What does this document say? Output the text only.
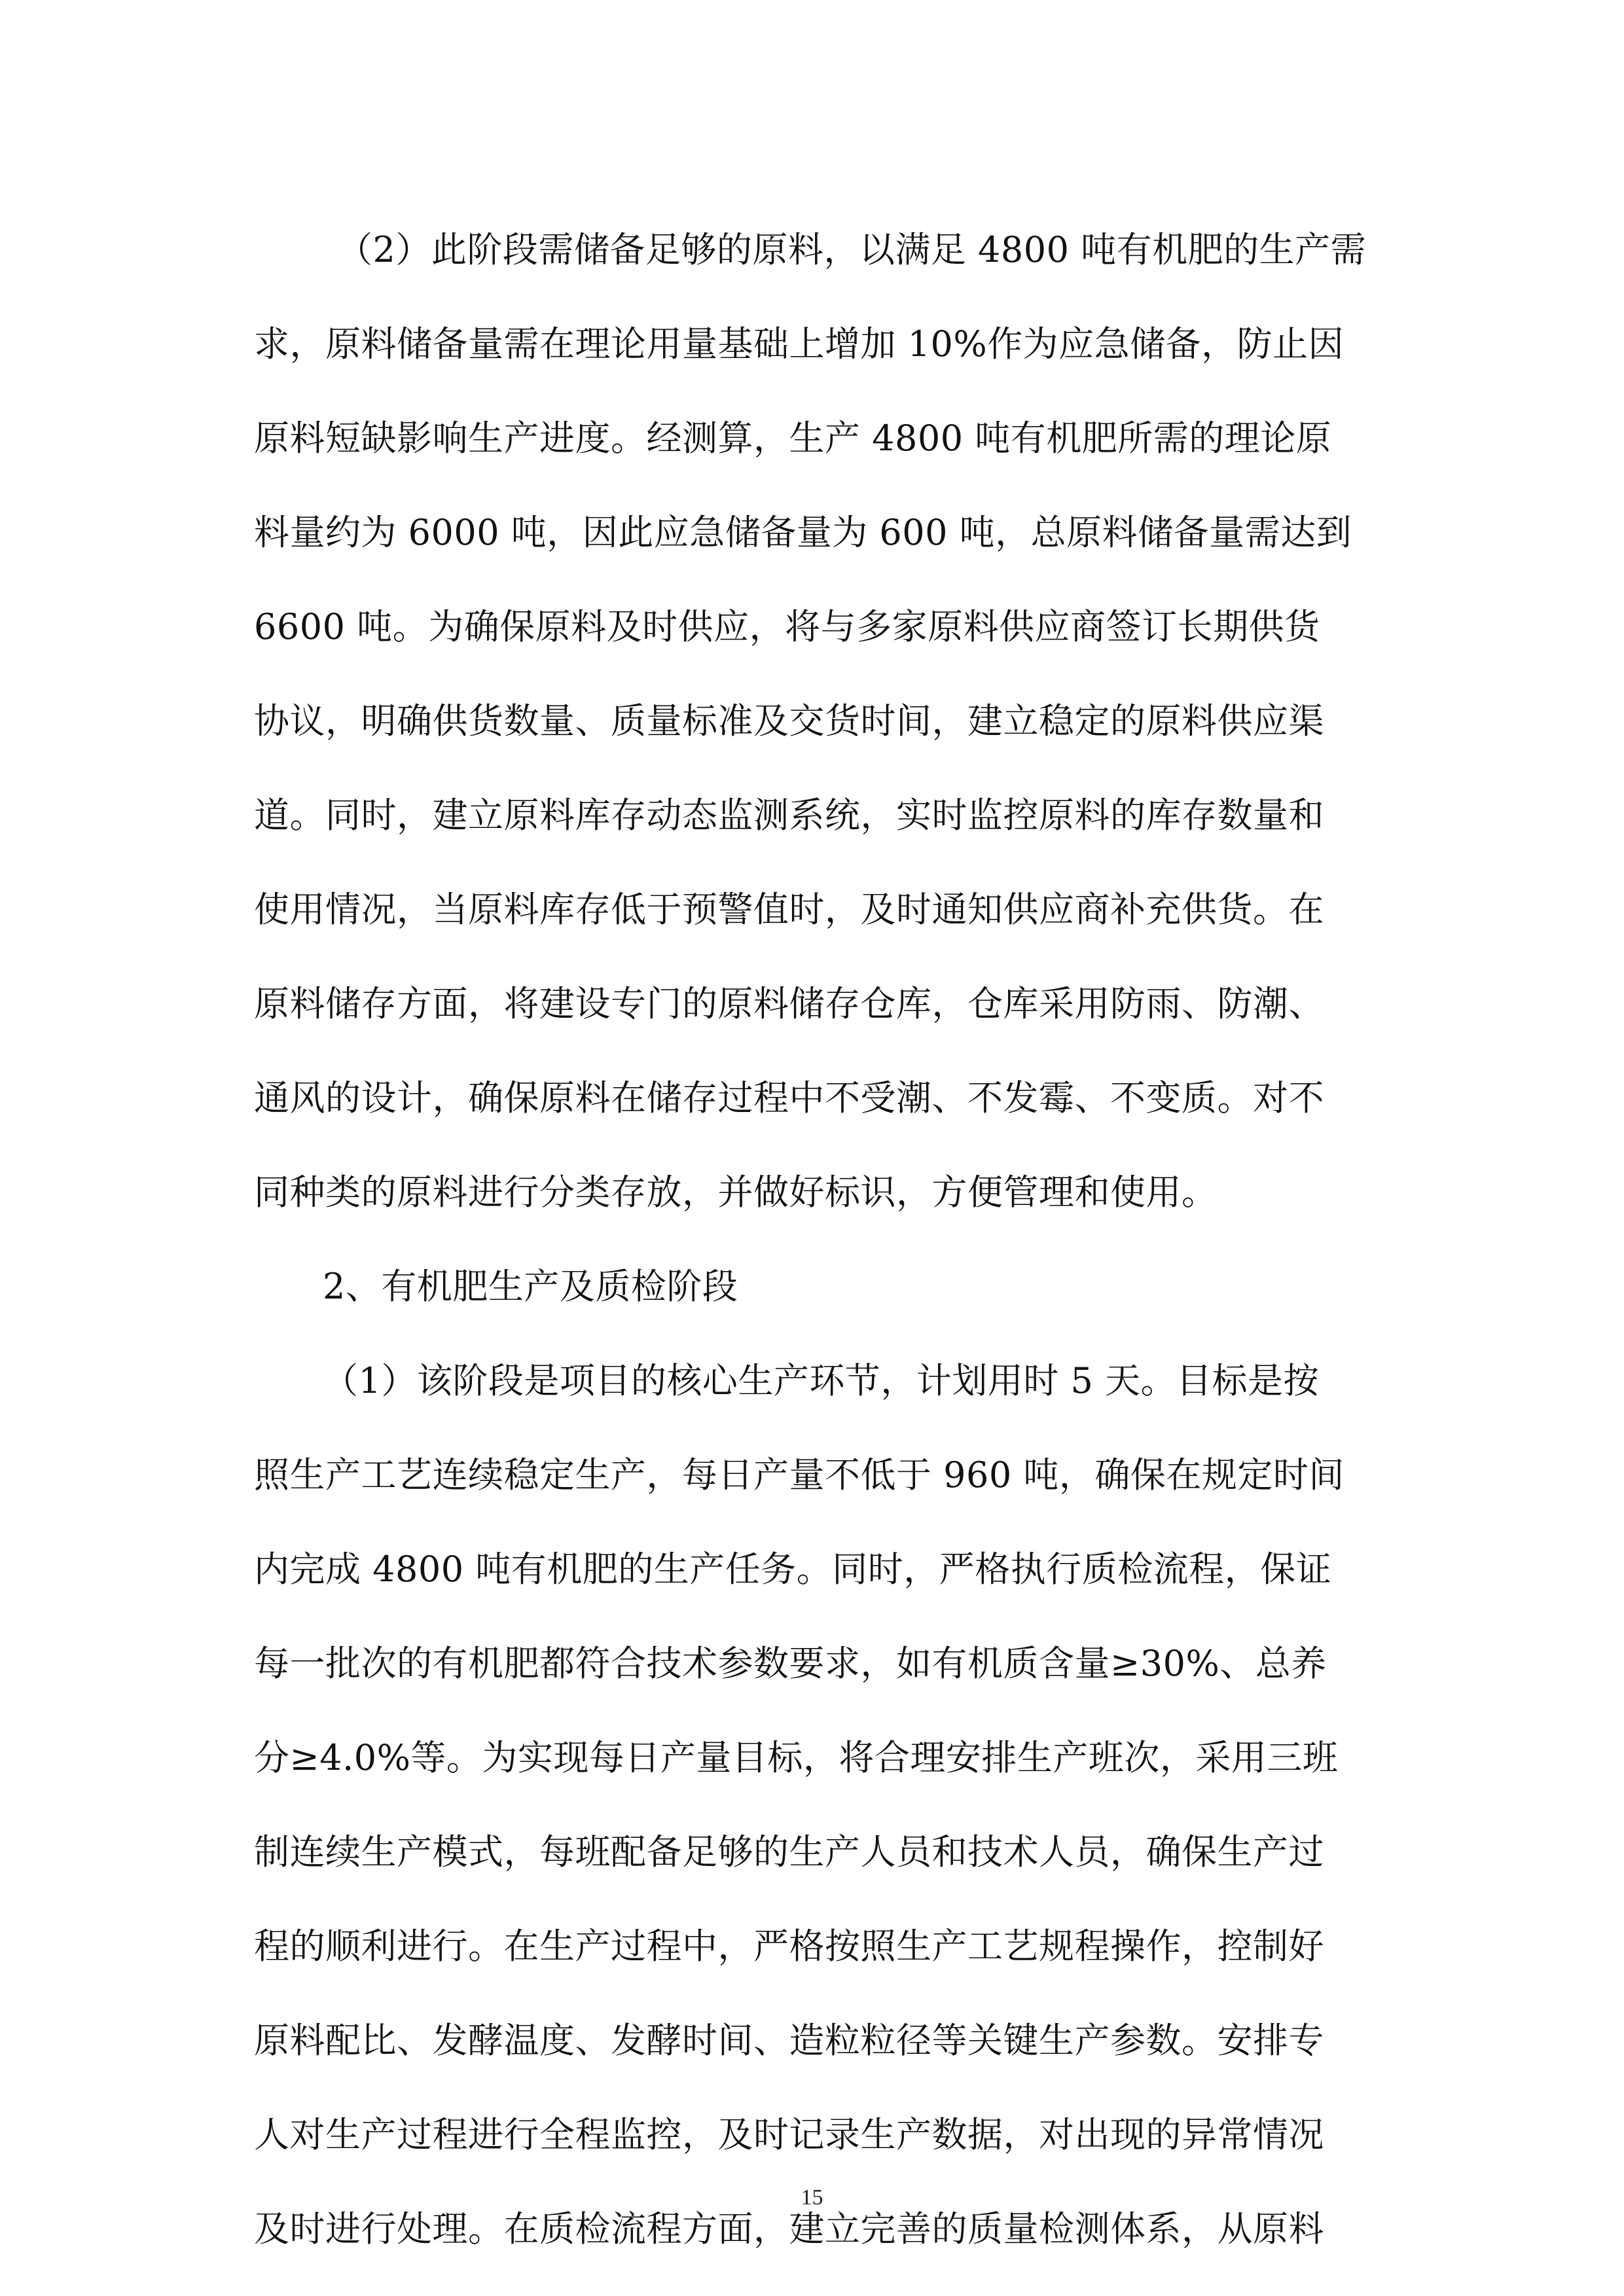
（2）此阶段需储备足够的原料，以满足 4800 吨有机肥的生产需
求，原料储备量需在理论用量基础上增加 10%作为应急储备，防止因
原料短缺影响生产进度。经测算，生产 4800 吨有机肥所需的理论原
料量约为 6000 吨，因此应急储备量为 600 吨，总原料储备量需达到
6600 吨。为确保原料及时供应，将与多家原料供应商签订长期供货
协议，明确供货数量、质量标准及交货时间，建立稳定的原料供应渠
道。同时，建立原料库存动态监测系统，实时监控原料的库存数量和
使用情况，当原料库存低于预警值时，及时通知供应商补充供货。在
原料储存方面，将建设专门的原料储存仓库，仓库采用防雨、防潮、
通风的设计，确保原料在储存过程中不受潮、不发霉、不变质。对不
同种类的原料进行分类存放，并做好标识，方便管理和使用。
2、有机肥生产及质检阶段
（1）该阶段是项目的核心生产环节，计划用时 5 天。目标是按
照生产工艺连续稳定生产，每日产量不低于 960 吨，确保在规定时间
内完成 4800 吨有机肥的生产任务。同时，严格执行质检流程，保证
每一批次的有机肥都符合技术参数要求，如有机质含量≥30%、总养
分≥4.0%等。为实现每日产量目标，将合理安排生产班次，采用三班
制连续生产模式，每班配备足够的生产人员和技术人员，确保生产过
程的顺利进行。在生产过程中，严格按照生产工艺规程操作，控制好
原料配比、发酵温度、发酵时间、造粒粒径等关键生产参数。安排专
人对生产过程进行全程监控，及时记录生产数据，对出现的异常情况
及时进行处理。在质检流程方面，建立完善的质量检测体系，从原料
15
